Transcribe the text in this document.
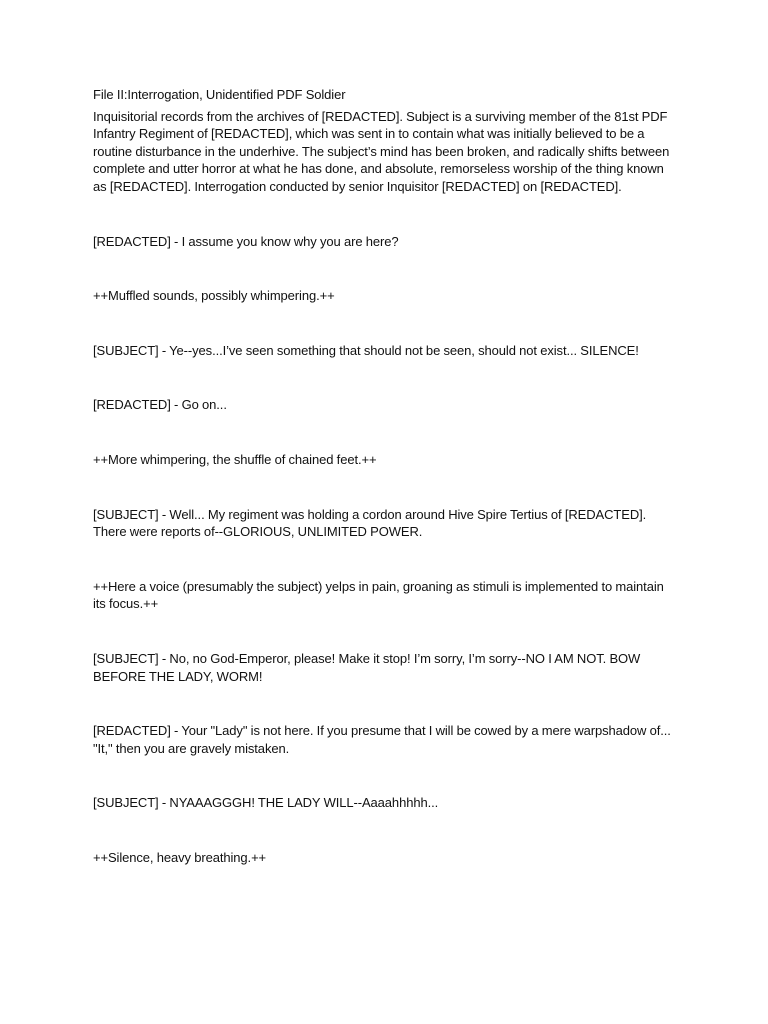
File II:Interrogation, Unidentified PDF Soldier

Inquisitorial records from the archives of [REDACTED]. Subject is a surviving member of the 81st PDF Infantry Regiment of [REDACTED], which was sent in to contain what was initially believed to be a routine disturbance in the underhive. The subject’s mind has been broken, and radically shifts between complete and utter horror at what he has done, and absolute, remorseless worship of the thing known as [REDACTED]. Interrogation conducted by senior Inquisitor [REDACTED] on [REDACTED].

[REDACTED] - I assume you know why you are here?

++Muffled sounds, possibly whimpering.++

[SUBJECT] - Ye--yes...I’ve seen something that should not be seen, should not exist... SILENCE!

[REDACTED] - Go on...

++More whimpering, the shuffle of chained feet.++

[SUBJECT] - Well... My regiment was holding a cordon around Hive Spire Tertius of [REDACTED]. There were reports of--GLORIOUS, UNLIMITED POWER.

++Here a voice (presumably the subject) yelps in pain, groaning as stimuli is implemented to maintain its focus.++

[SUBJECT] - No, no God-Emperor, please! Make it stop! I’m sorry, I’m sorry--NO I AM NOT. BOW BEFORE THE LADY, WORM!

[REDACTED] - Your "Lady" is not here. If you presume that I will be cowed by a mere warpshadow of... "It," then you are gravely mistaken.

[SUBJECT] - NYAAAGGGH! THE LADY WILL--Aaaahhhhh...

++Silence, heavy breathing.++
